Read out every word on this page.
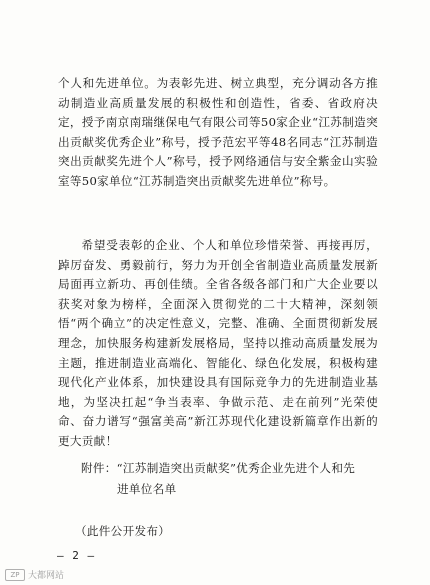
个人和先进单位。为表彰先进、树立典型，充分调动各方推动制造业高质量发展的积极性和创造性，省委、省政府决定，授予南京南瑞继保电气有限公司等50家企业“江苏制造突出贡献奖优秀企业”称号，授予范宏平等48名同志“江苏制造突出贡献奖先进个人”称号，授予网络通信与安全紫金山实验室等50家单位“江苏制造突出贡献奖先进单位”称号。

希望受表彰的企业、个人和单位珍惜荣誉、再接再厉，踔厉奋发、勇毅前行，努力为开创全省制造业高质量发展新局面再立新功、再创佳绩。全省各级各部门和广大企业要以获奖对象为榜样，全面深入贯彻党的二十大精神，深刻领悟“两个确立”的决定性意义，完整、准确、全面贯彻新发展理念，加快服务构建新发展格局，坚持以推动高质量发展为主题，推进制造业高端化、智能化、绿色化发展，积极构建现代化产业体系，加快建设具有国际竞争力的先进制造业基地，为坚决扛起“争当表率、争做示范、走在前列”光荣使命、奋力谱写“强富美高”新江苏现代化建设新篇章作出新的更大贡献！

附件：“江苏制造突出贡献奖”优秀企业先进个人和先
进单位名单

（此件公开发布）

— 2 —
ZP 大都网站
